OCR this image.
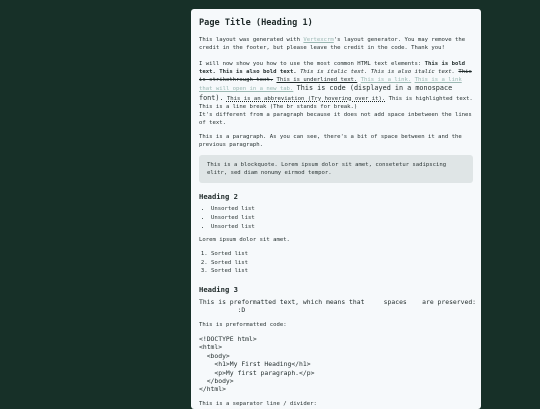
Page Title (Heading 1)

This layout was generated with Vertexcrm's layout generator. You may remove the credit in the footer, but please leave the credit in the code. Thank you!

I will now show you how to use the most common HTML text elements: This is bold text. This is also bold text. This is italic text. This is also italic text. This is strikethrough text. This is underlined text. This is a link. This is a link that will open in a new tab. This is code (displayed in a monospace font). This is an abbreviation (Try hovering over it). This is highlighted text. This is a line break (The br stands for break.)
It's different from a paragraph because it does not add space inbetween the lines of text.

This is a paragraph. As you can see, there's a bit of space between it and the previous paragraph.

This is a blockquote. Lorem ipsum dolor sit amet, consetetur sadipscing elitr, sed diam nonumy eirmod tempor.
Heading 2
• Unsorted list
• Unsorted list
• Unsorted list

Lorem ipsum dolor sit amet.

1. Sorted list
2. Sorted list
3. Sorted list
Heading 3
This is preformatted text, which means that     spaces    are preserved:
:D

This is preformatted code:

<!DOCTYPE html>
<html>
<body>
<h1>My First Heading</h1>
<p>My first paragraph.</p>
</body>
</html>

This is a separator line / divider:
